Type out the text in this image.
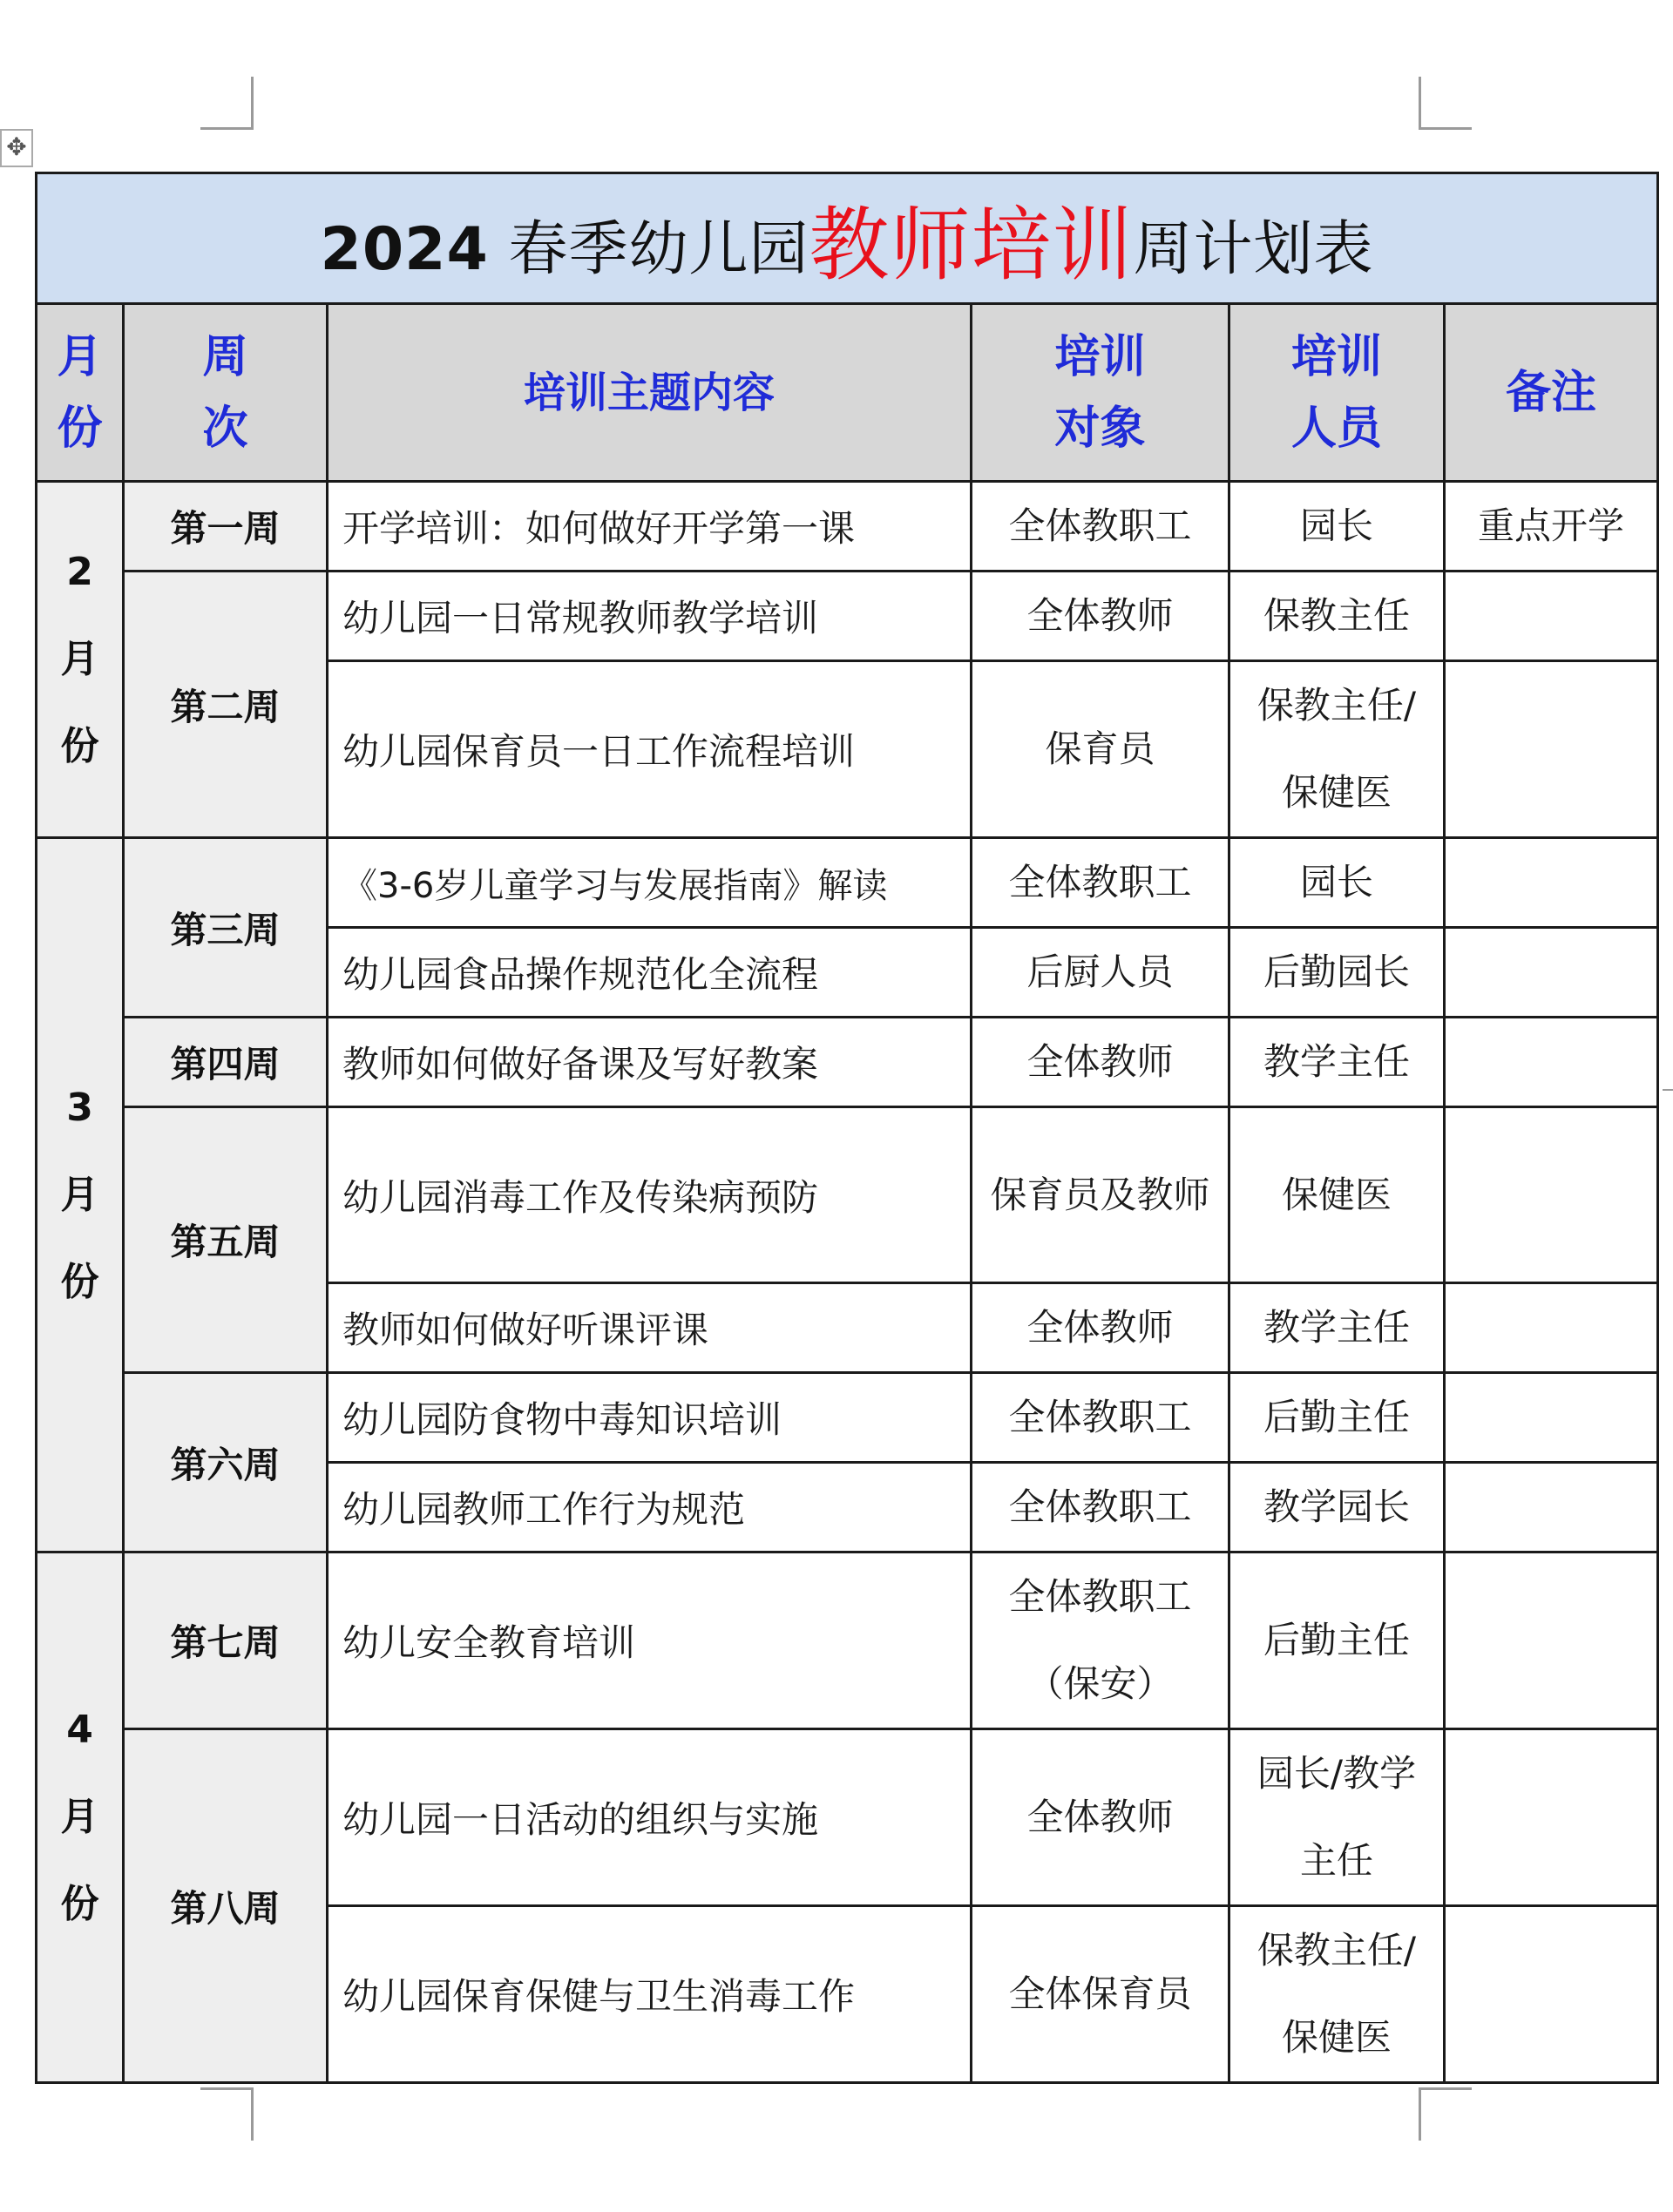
✥
2024 春季幼儿园教师培训周计划表					
月份	周次	培训主题内容	培训对象	培训人员	备注
2月份	第一周	开学培训：如何做好开学第一课	全体教职工	园长	重点开学
	第二周	幼儿园一日常规教师教学培训	全体教师	保教主任	
		幼儿园保育员一日工作流程培训	保育员	保教主任/保健医	
3月份	第三周	《3-6岁儿童学习与发展指南》解读	全体教职工	园长	
		幼儿园食品操作规范化全流程	后厨人员	后勤园长	
	第四周	教师如何做好备课及写好教案	全体教师	教学主任	
	第五周	幼儿园消毒工作及传染病预防	保育员及教师	保健医	
		教师如何做好听课评课	全体教师	教学主任	
	第六周	幼儿园防食物中毒知识培训	全体教职工	后勤主任	
		幼儿园教师工作行为规范	全体教职工	教学园长	
4月份	第七周	幼儿安全教育培训	全体教职工（保安）	后勤主任	
	第八周	幼儿园一日活动的组织与实施	全体教师	园长/教学主任	
		幼儿园保育保健与卫生消毒工作	全体保育员	保教主任/保健医	
